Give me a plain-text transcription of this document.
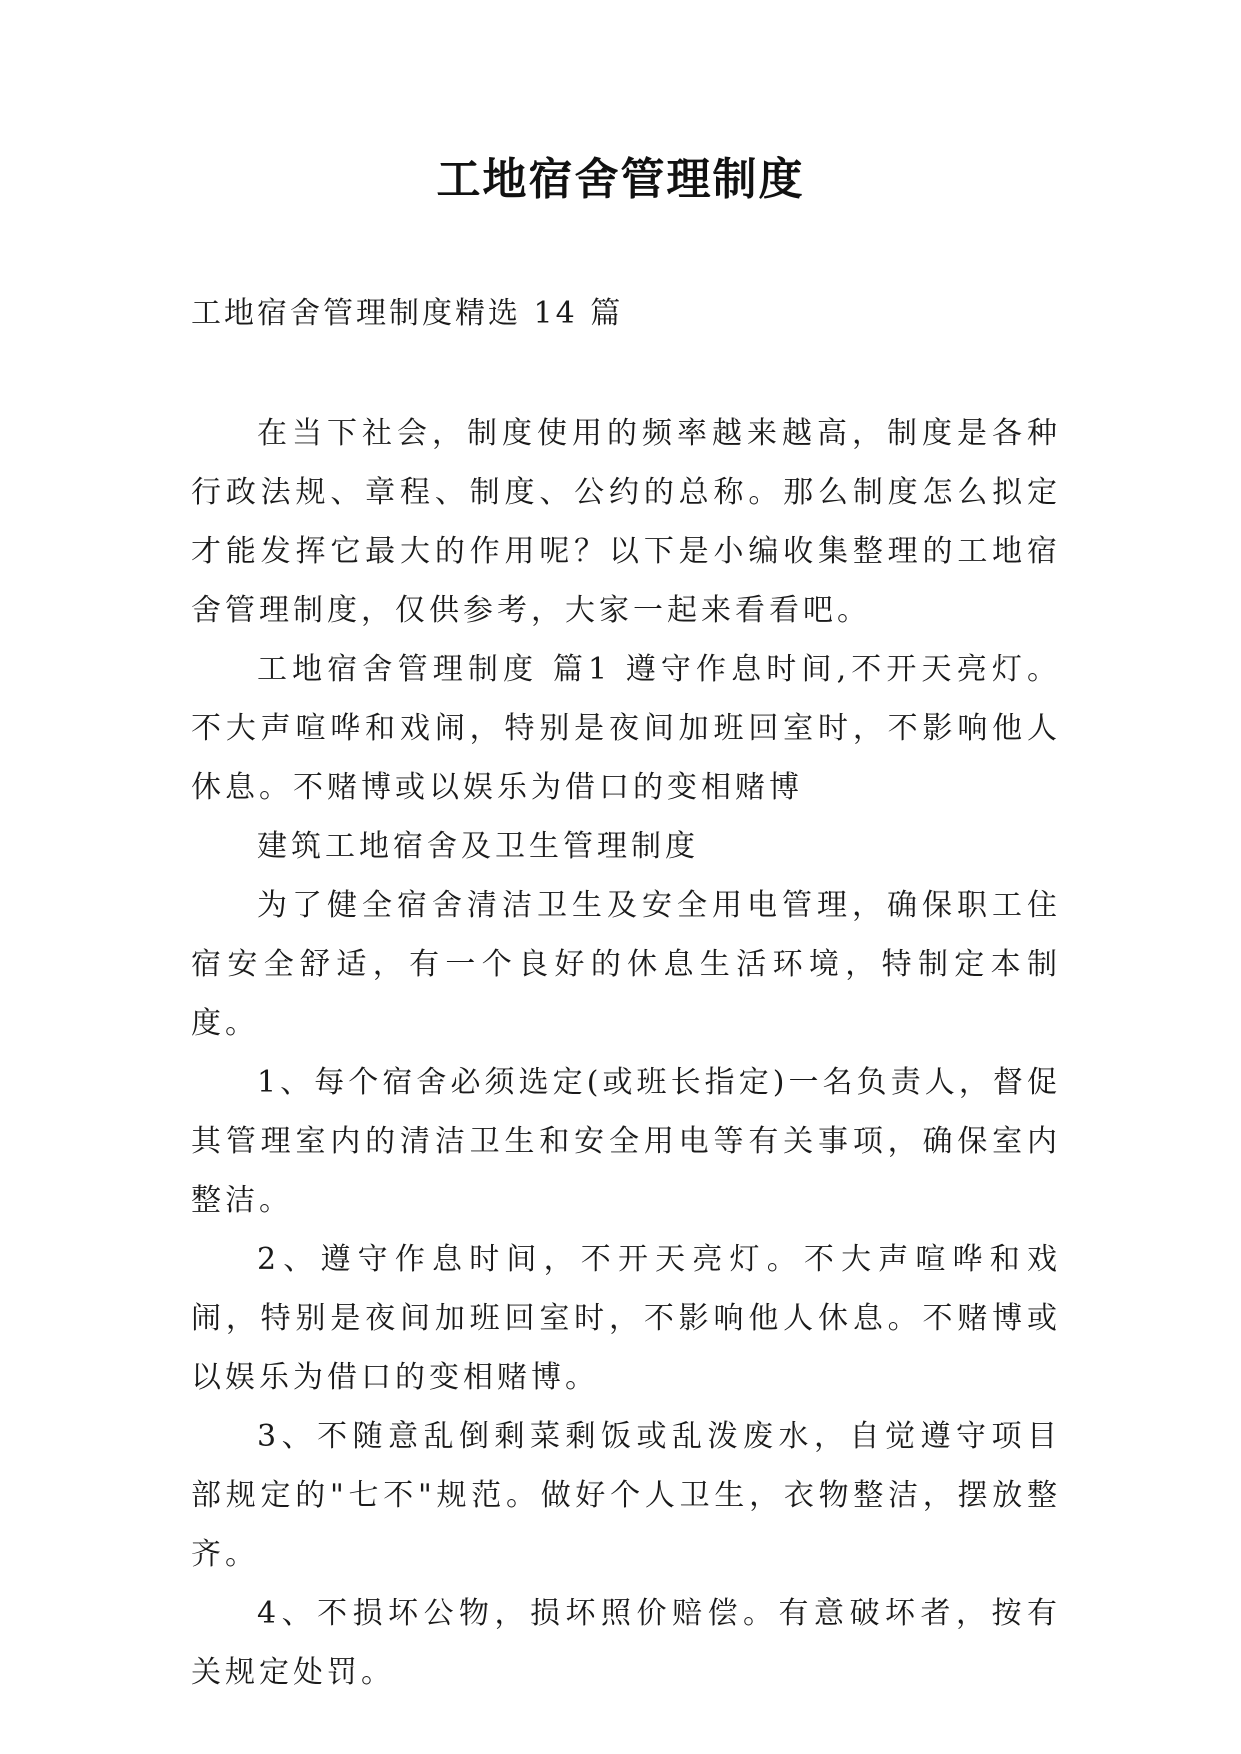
工地宿舍管理制度

工地宿舍管理制度精选 14 篇

在当下社会，制度使用的频率越来越高，制度是各种行政法规、章程、制度、公约的总称。那么制度怎么拟定才能发挥它最大的作用呢？以下是小编收集整理的工地宿舍管理制度，仅供参考，大家一起来看看吧。

工地宿舍管理制度 篇1 遵守作息时间,不开天亮灯。不大声喧哗和戏闹，特别是夜间加班回室时，不影响他人休息。不赌博或以娱乐为借口的变相赌博

建筑工地宿舍及卫生管理制度

为了健全宿舍清洁卫生及安全用电管理，确保职工住宿安全舒适，有一个良好的休息生活环境，特制定本制度。

1、每个宿舍必须选定(或班长指定)一名负责人，督促其管理室内的清洁卫生和安全用电等有关事项，确保室内整洁。

2、遵守作息时间，不开天亮灯。不大声喧哗和戏闹，特别是夜间加班回室时，不影响他人休息。不赌博或以娱乐为借口的变相赌博。

3、不随意乱倒剩菜剩饭或乱泼废水，自觉遵守项目部规定的"七不"规范。做好个人卫生，衣物整洁，摆放整齐。

4、不损坏公物，损坏照价赔偿。有意破坏者，按有关规定处罚。
